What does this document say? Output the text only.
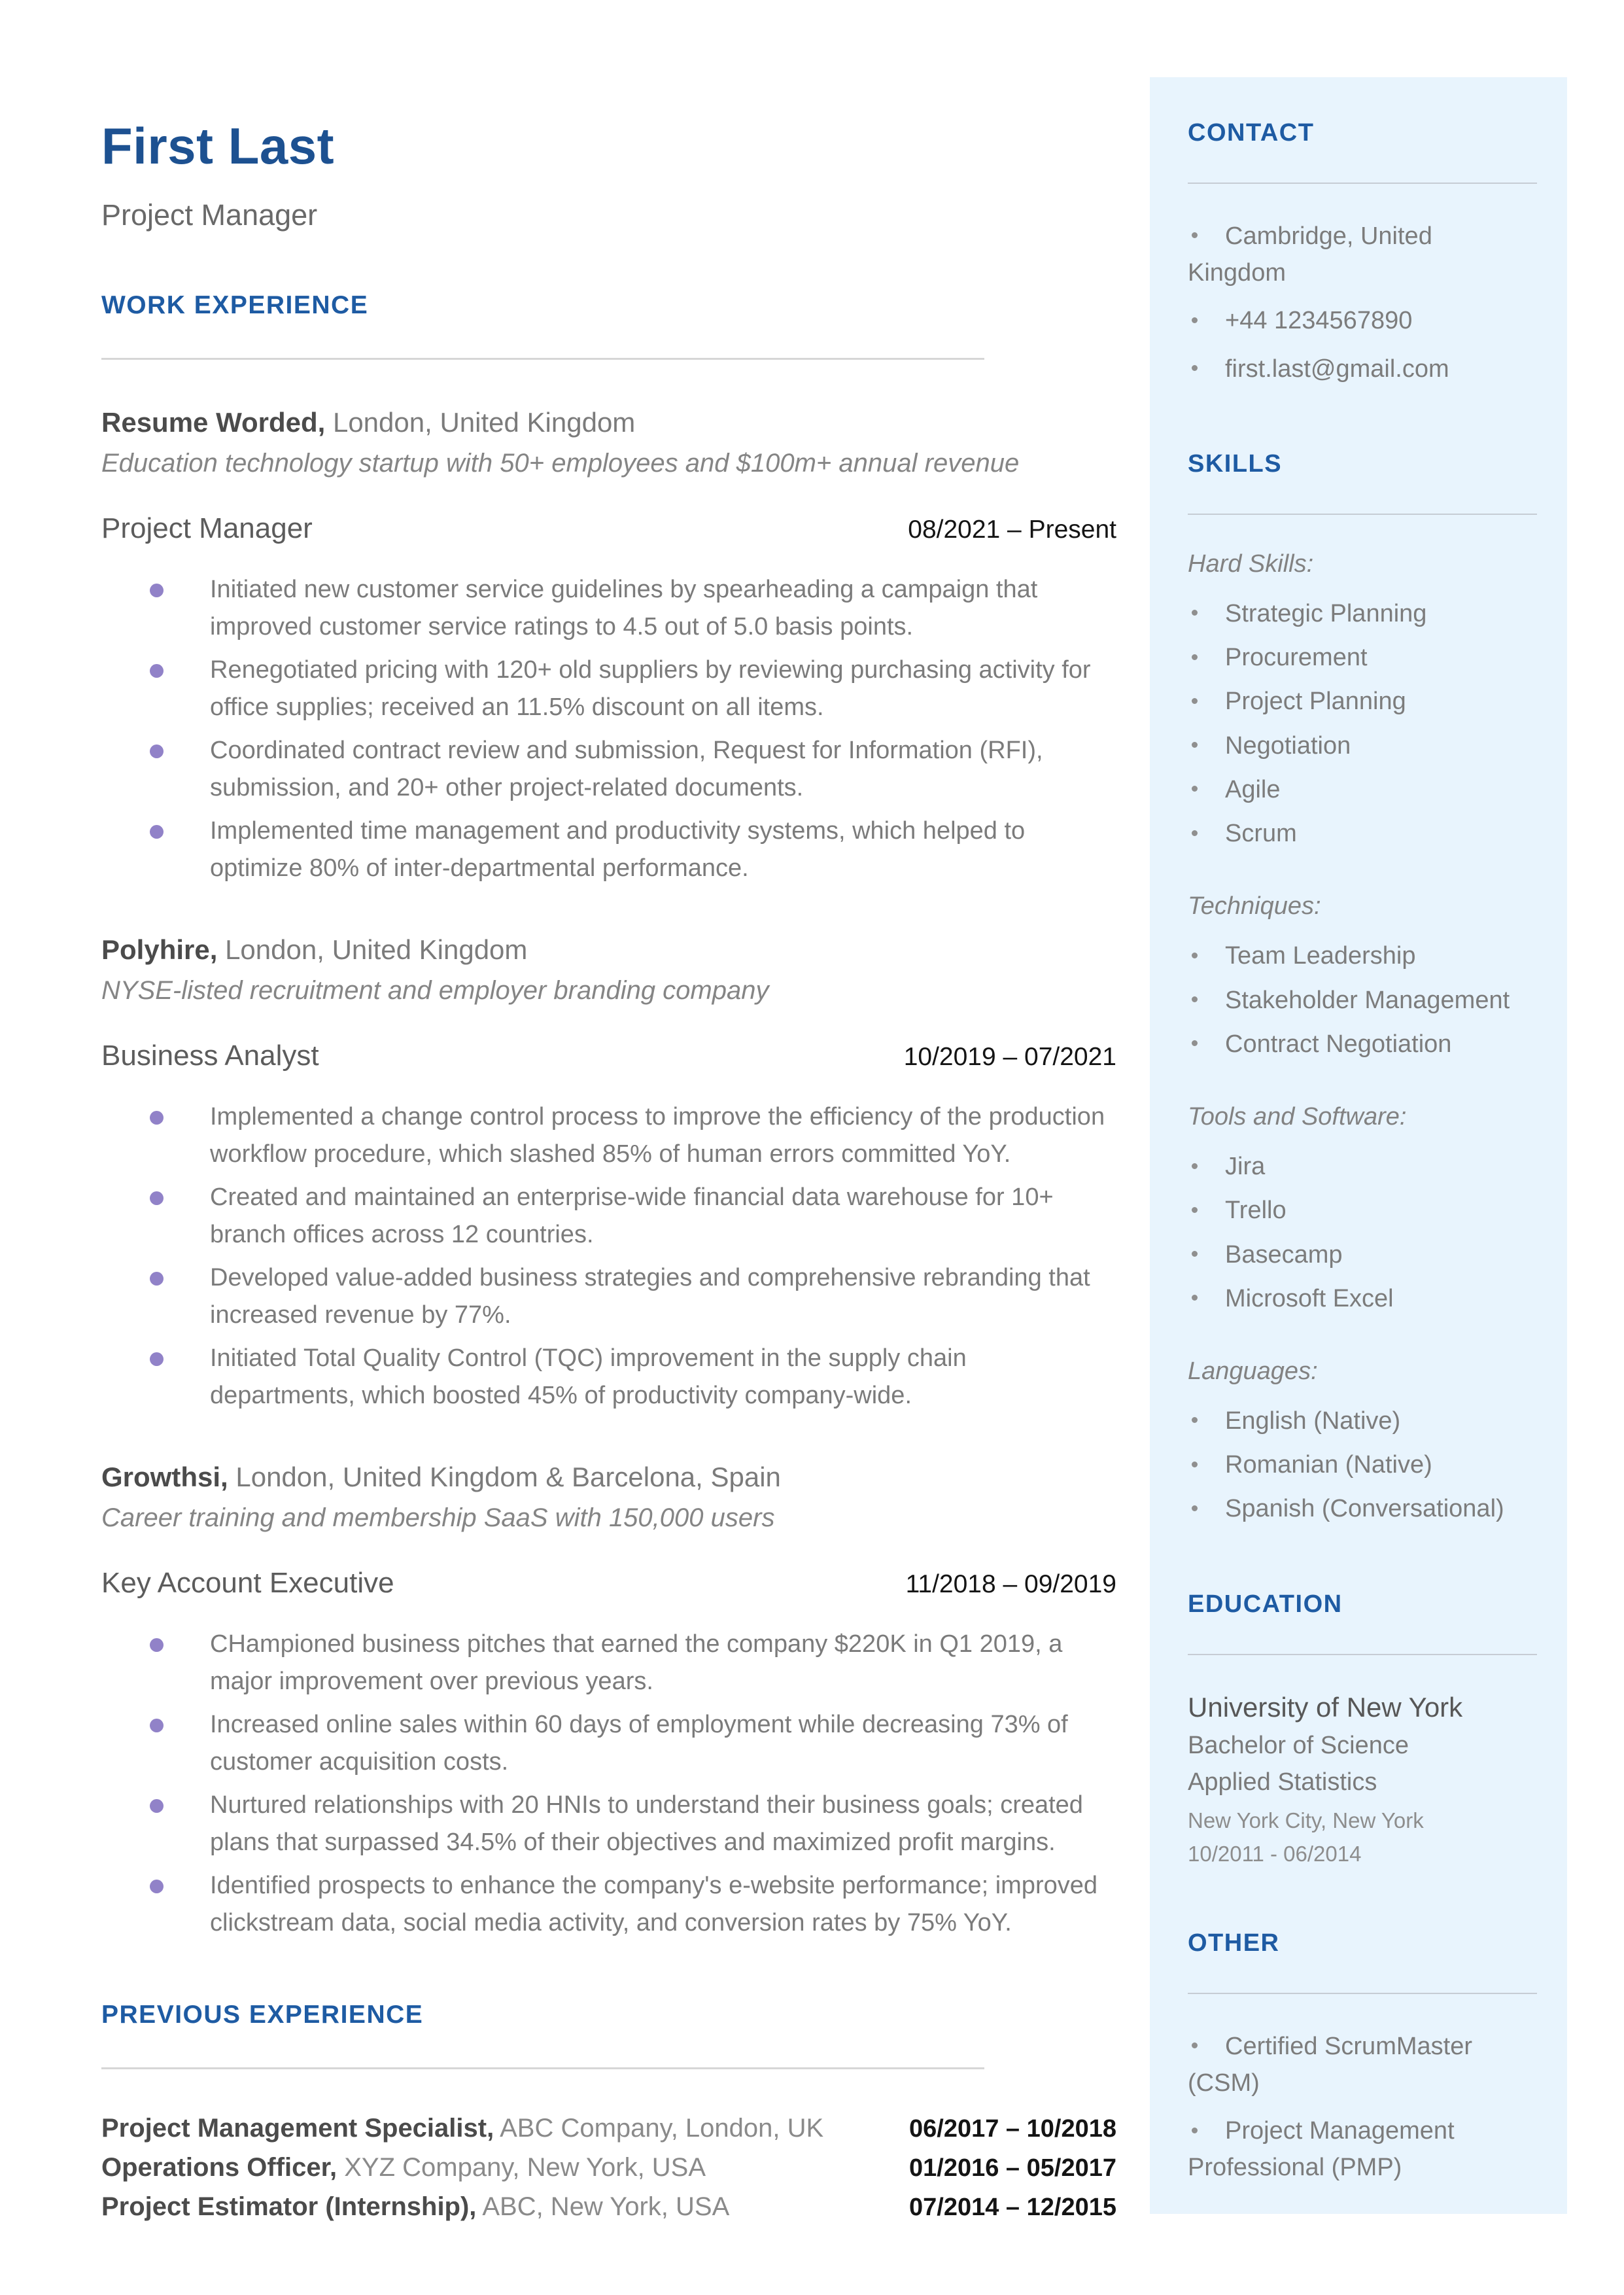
First Last
Project Manager
WORK EXPERIENCE
Resume Worded, London, United Kingdom
Education technology startup with 50+ employees and $100m+ annual revenue
Project Manager	08/2021 – Present
Initiated new customer service guidelines by spearheading a campaign that improved customer service ratings to 4.5 out of 5.0 basis points.
Renegotiated pricing with 120+ old suppliers by reviewing purchasing activity for office supplies; received an 11.5% discount on all items.
Coordinated contract review and submission, Request for Information (RFI), submission, and 20+ other project-related documents.
Implemented time management and productivity systems, which helped to optimize 80% of inter-departmental performance.
Polyhire, London, United Kingdom
NYSE-listed recruitment and employer branding company
Business Analyst	10/2019 – 07/2021
Implemented a change control process to improve the efficiency of the production workflow procedure, which slashed 85% of human errors committed YoY.
Created and maintained an enterprise-wide financial data warehouse for 10+ branch offices across 12 countries.
Developed value-added business strategies and comprehensive rebranding that increased revenue by 77%.
Initiated Total Quality Control (TQC) improvement in the supply chain departments, which boosted 45% of productivity company-wide.
Growthsi, London, United Kingdom & Barcelona, Spain
Career training and membership SaaS with 150,000 users
Key Account Executive	11/2018 – 09/2019
CHampioned business pitches that earned the company $220K in Q1 2019, a major improvement over previous years.
Increased online sales within 60 days of employment while decreasing 73% of customer acquisition costs.
Nurtured relationships with 20 HNIs to understand their business goals; created plans that surpassed 34.5% of their objectives and maximized profit margins.
Identified prospects to enhance the company's e-website performance; improved clickstream data, social media activity, and conversion rates by 75% YoY.
PREVIOUS EXPERIENCE
Project Management Specialist, ABC Company, London, UK	06/2017 – 10/2018
Operations Officer, XYZ Company, New York, USA	01/2016 – 05/2017
Project Estimator (Internship), ABC, New York, USA	07/2014 – 12/2015
CONTACT
Cambridge, United Kingdom
+44 1234567890
first.last@gmail.com
SKILLS
Hard Skills:
Strategic Planning
Procurement
Project Planning
Negotiation
Agile
Scrum
Techniques:
Team Leadership
Stakeholder Management
Contract Negotiation
Tools and Software:
Jira
Trello
Basecamp
Microsoft Excel
Languages:
English (Native)
Romanian (Native)
Spanish (Conversational)
EDUCATION
University of New York
Bachelor of Science
Applied Statistics
New York City, New York
10/2011 - 06/2014
OTHER
Certified ScrumMaster (CSM)
Project Management Professional (PMP)
